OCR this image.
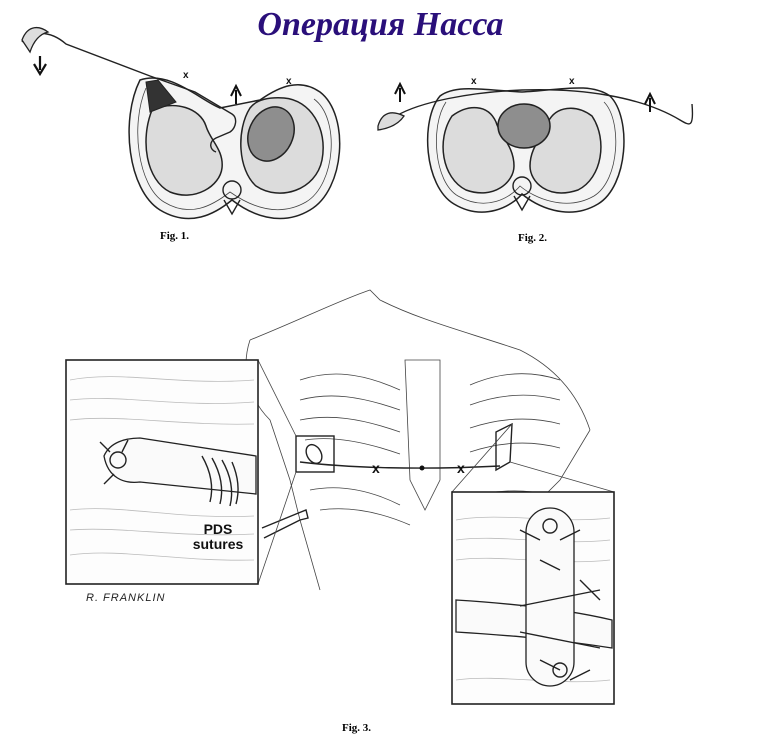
Операция Насса
Fig. 1.	Fig. 2.
Fig. 3.
x
x	x	x
x	x
PDS
sutures
R. FRANKLIN
